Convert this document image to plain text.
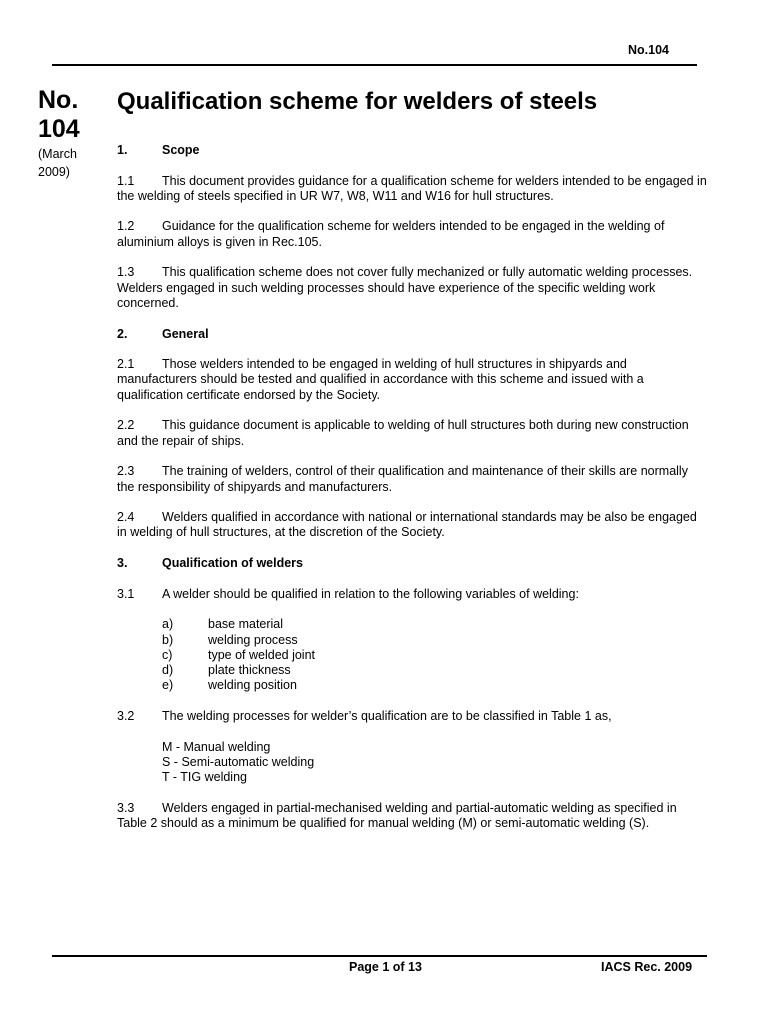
No.104
No.
104
(March
2009)
Qualification scheme for welders of steels
1.	Scope

1.1 This document provides guidance for a qualification scheme for welders intended to be engaged in the welding of steels specified in UR W7, W8, W11 and W16 for hull structures.

1.2 Guidance for the qualification scheme for welders intended to be engaged in the welding of aluminium alloys is given in Rec.105.

1.3 This qualification scheme does not cover fully mechanized or fully automatic welding processes. Welders engaged in such welding processes should have experience of the specific welding work concerned.

2.	General

2.1 Those welders intended to be engaged in welding of hull structures in shipyards and manufacturers should be tested and qualified in accordance with this scheme and issued with a qualification certificate endorsed by the Society.

2.2 This guidance document is applicable to welding of hull structures both during new construction and the repair of ships.

2.3 The training of welders, control of their qualification and maintenance of their skills are normally the responsibility of shipyards and manufacturers.

2.4 Welders qualified in accordance with national or international standards may be also be engaged in welding of hull structures, at the discretion of the Society.

3.	Qualification of welders

3.1 A welder should be qualified in relation to the following variables of welding:

a)	base material
b)	welding process
c)	type of welded joint
d)	plate thickness
e)	welding position

3.2 The welding processes for welder’s qualification are to be classified in Table 1 as,

M - Manual welding
S - Semi-automatic welding
T - TIG welding

3.3 Welders engaged in partial-mechanised welding and partial-automatic welding as specified in Table 2 should as a minimum be qualified for manual welding (M) or semi-automatic welding (S).

Page 1 of 13	IACS Rec. 2009
